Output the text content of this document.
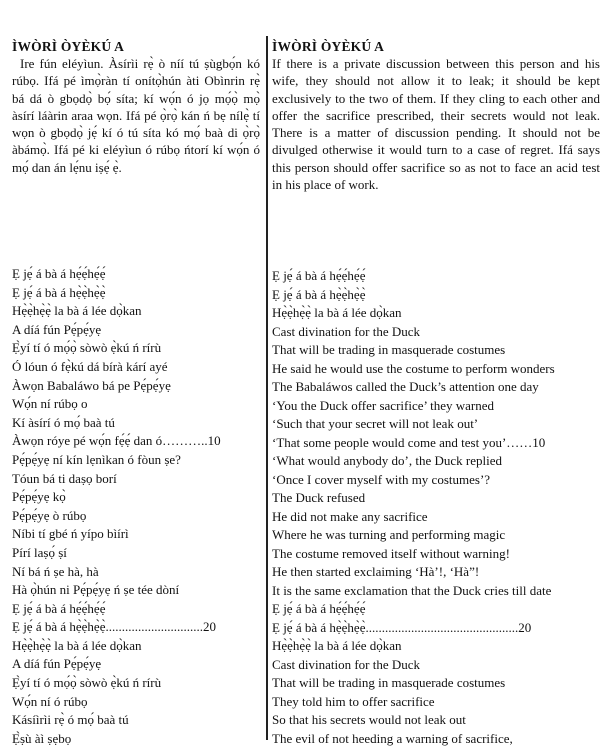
ÌWÒRÌ ÒYÈKÚ A

Ire fún eléyìun. Àsírìi rẹ̀ ò níí tú ṣùgbọ́n kó rúbọ. Ifá pé ìmọ̀ràn tí onítọ̀hún àti Obìnrin rẹ̀ bá dá ò gbọdọ̀ bọ́ síta; kí wọ́n ó jọ mọ́ọ̀ mọ̀ àsírí láàrin araa wọn. Ifá pé ọ̀rọ̀ kán ń bẹ nílẹ̀ tí wọn ò gbọdọ̀ jẹ́ kí ó tú síta kó mọ́ baà di ọ̀rọ̀ àbámọ̀. Ifá pé ki eléyìun ó rúbọ ńtorí kí wọ́n ó mọ́ dan án lẹ́nu iṣẹ́ ẹ̀.

ÌWÒRÌ ÒYÈKÚ A

If there is a private discussion between this person and his wife, they should not allow it to leak; it should be kept exclusively to the two of them. If they cling to each other and offer the sacrifice prescribed, their secrets would not leak. There is a matter of discussion pending. It should not be divulged otherwise it would turn to a case of regret. Ifá says this person should offer sacrifice so as not to face an acid test in his place of work.

Ẹ jẹ́ á bà á hẹ́ẹ́hẹ́ẹ́
Ẹ jẹ́ á bà á hẹ̀ẹ̀hẹ̀ẹ̀
Hẹ̀ẹ̀hẹ̀ẹ̀ la bà á lée dọ̀kan
A díá fún Pẹ́pẹ́yẹ
Ẹ̀yí tí ó mọ́ọ̀ sòwò ẹ̀kú ń rírù
Ó lóun ó fẹ̀kú dá bírà kárí ayé
Àwọn Babaláwo bá pe Pẹ́pẹ́yẹ
Wọ́n ní rúbọ o
Kí àsírí ó mọ́ baà tú
Àwọn róye pé wọ́n fẹ́ẹ́ dan ó………..10
Pẹ́pẹ́yẹ ní kín lẹnìkan ó fòun ṣe?
Tóun bá ti daṣọ borí
Pẹ́pẹ́yẹ kọ̀
Pẹ́pẹ́yẹ ò rúbọ
Níbi tí gbé ń yípo bìírì
Pírí laṣọ́ ṣí
Ní bá ń ṣe hà, hà
Hà ọ̀hún ni Pẹ́pẹ́yẹ ń ṣe tée dòní
Ẹ jẹ́ á bà á hẹ́ẹ́hẹ́ẹ́
Ẹ jẹ́ á bà á hẹ̀ẹ̀hẹ̀ẹ̀..............................20
Hẹ̀ẹ̀hẹ̀ẹ̀ la bà á lée dọ̀kan
A díá fún Pẹ́pẹ́yẹ
Ẹ̀yí tí ó mọ́ọ̀ sòwò ẹ̀kú ń rírù
Wọ́n ní ó rúbọ
Kásíìrìi rẹ̀ ó mọ́ baà tú
Ẹ̀ṣù àì ṣẹbọ
Ẹ jẹ́ á bà á hẹ́ẹ́hẹ́ẹ́
Ẹ jẹ́ á bà á hẹ̀ẹ̀hẹ̀ẹ̀
Hẹ̀ẹ̀hẹ̀ẹ̀ la bà á lée dọ̀kan
Cast divination for the Duck
That will be trading in masquerade costumes
He said he would use the costume to perform wonders
The Babaláwos called the Duck’s attention one day
‘You the Duck offer sacrifice’ they warned
‘Such that your secret will not leak out’
‘That some people would come and test you’……10
‘What would anybody do’, the Duck replied
‘Once I cover myself with my costumes’?
The Duck refused
He did not make any sacrifice
Where he was turning and performing magic
The costume removed itself without warning!
He then started exclaiming ‘Hà’!, ‘Hà”!
It is the same exclamation that the Duck cries till date
Ẹ jẹ́ á bà á hẹ́ẹ́hẹ́ẹ́
Ẹ jẹ́ á bà á hẹ̀ẹ̀hẹ̀ẹ̀...............................................20
Hẹ̀ẹ̀hẹ̀ẹ̀ la bà á lée dọ̀kan
Cast divination for the Duck
That will be trading in masquerade costumes
They told him to offer sacrifice
So that his secrets would not leak out
The evil of not heeding a warning of sacrifice,
